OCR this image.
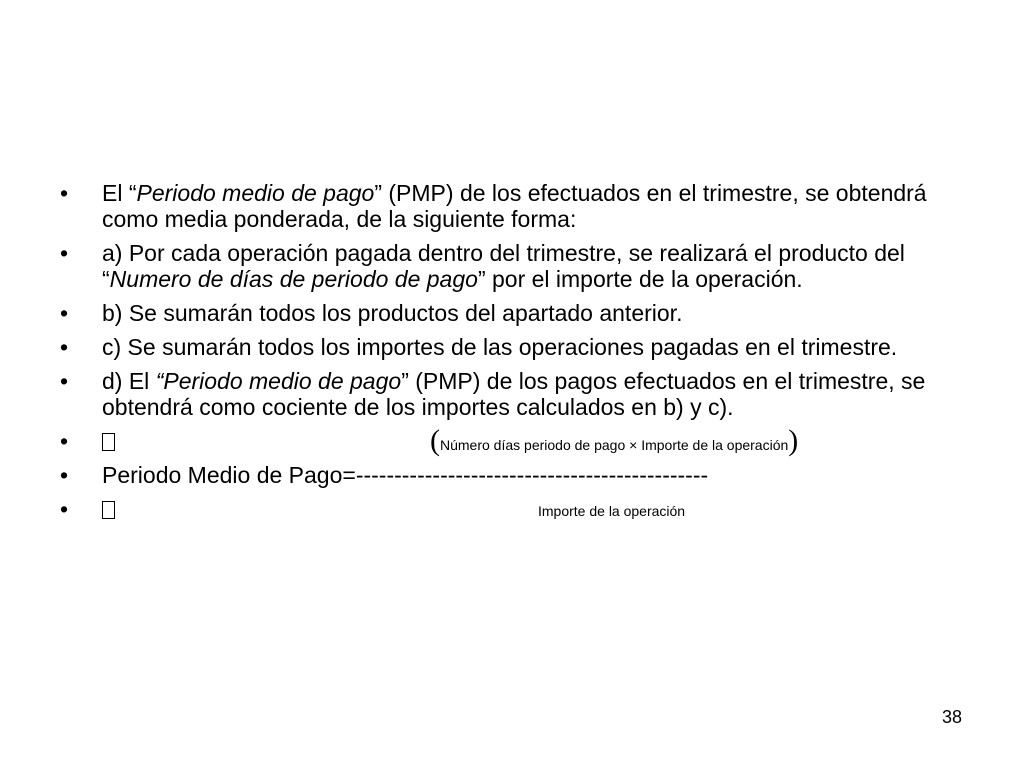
• El “Periodo medio de pago” (PMP) de los efectuados en el trimestre, se obtendrá como media ponderada, de la siguiente forma:
• a) Por cada operación pagada dentro del trimestre, se realizará el producto del “Numero de días de periodo de pago” por el importe de la operación.
• b) Se sumarán todos los productos del apartado anterior.
• c) Se sumarán todos los importes de las operaciones pagadas en el trimestre.
• d) El “Periodo medio de pago” (PMP) de los pagos efectuados en el trimestre, se obtendrá como cociente de los importes calculados en b) y c).
•	(Número días periodo de pago × Importe de la operación)
• Periodo Medio de Pago=----------------------------------------------
•	Importe de la operación
38
